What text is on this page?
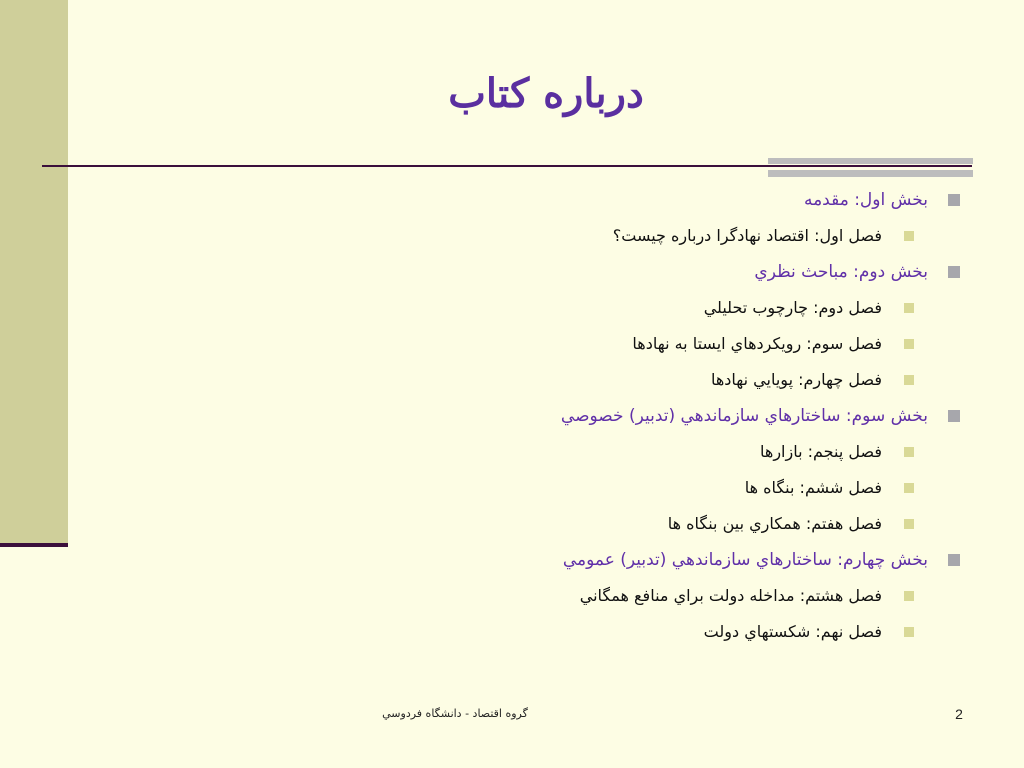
درباره كتاب
بخش اول: مقدمه
فصل اول: اقتصاد نهادگرا درباره چيست؟
بخش دوم: مباحث نظري
فصل دوم: چارچوب تحليلي
فصل سوم: رويكردهاي ايستا به نهادها
فصل چهارم: پويايي نهادها
بخش سوم: ساختارهاي سازماندهي (تدبير) خصوصي
فصل پنجم: بازارها
فصل ششم: بنگاه ها
فصل هفتم: همكاري بين بنگاه ها
بخش چهارم: ساختارهاي سازماندهي (تدبير) عمومي
فصل هشتم: مداخله دولت براي منافع همگاني
فصل نهم: شكستهاي دولت
گروه اقتصاد - دانشگاه فردوسي	2
